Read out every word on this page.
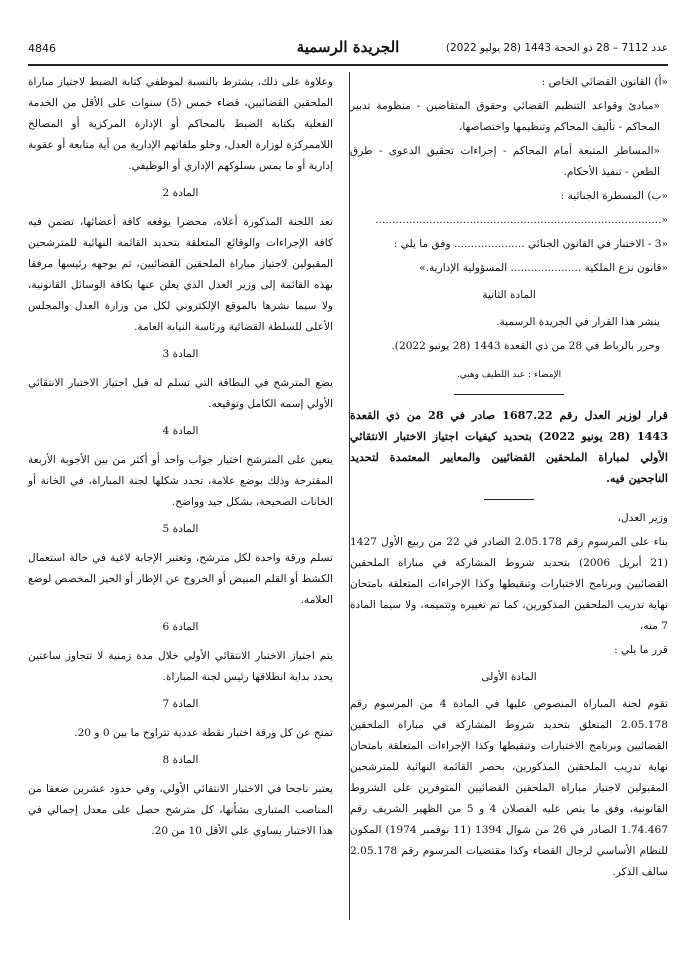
4846	الجريدة الرسمية	عدد 7112 – 28 ذو الحجة 1443 (28 يوليو 2022)

«أ) القانون القضائي الخاص :

«مبادئ وقواعد التنظيم القضائي وحقوق المتقاضين - منظومة تدبير المحاكم - تأليف المحاكم وتنظيمها واختصاصها،

«المساطر المتبعة أمام المحاكم - إجراءات تحقيق الدعوى - طرق الطعن - تنفيذ الأحكام.

«ب) المسطرة الجنائية :

«.....................................................................................

«3 - الاختبار في القانون الجنائي ..................... وفق ما يلي :

«قانون نزع الملكية ..................... المسؤولية الإدارية.»

المادة الثانية

ينشر هذا القرار في الجريدة الرسمية.

وحرر بالرباط في 28 من ذي القعدة 1443 (28 يونيو 2022).

الإمضاء : عبد اللطيف وهبي.

قرار لوزير العدل رقم 1687.22 صادر في 28 من ذي القعدة 1443 (28 يونيو 2022) بتحديد كيفيات اجتياز الاختبار الانتقائي الأولي لمباراة الملحقين القضائيين والمعايير المعتمدة لتحديد الناجحين فيه.

وزير العدل،

بناء على المرسوم رقم 2.05.178 الصادر في 22 من ربيع الأول 1427 (21 أبريل 2006) بتحديد شروط المشاركة في مباراة الملحقين القضائيين وبرنامج الاختبارات وتنقيطها وكذا الإجراءات المتعلقة بامتحان نهاية تدريب الملحقين المذكورين، كما تم تغييره وتتميمه، ولا سيما المادة 7 منه،

قرر ما يلي :

المادة الأولى

تقوم لجنة المباراة المنصوص عليها في المادة 4 من المرسوم رقم 2.05.178 المتعلق بتحديد شروط المشاركة في مباراة الملحقين القضائيين وبرنامج الاختبارات وتنقيطها وكذا الإجراءات المتعلقة بامتحان نهاية تدريب الملحقين المذكورين، بحصر القائمة النهائية للمترشحين المقبولين لاجتياز مباراة الملحقين القضائيين المتوفرين على الشروط القانونية، وفق ما ينص عليه الفصلان 4 و 5 من الظهير الشريف رقم 1.74.467 الصادر في 26 من شوال 1394 (11 نوفمبر 1974) المكون للنظام الأساسي لرجال القضاء وكذا مقتضيات المرسوم رقم 2.05.178 سالف الذكر.

وعلاوة على ذلك، يشترط بالنسبة لموظفي كتابة الضبط لاجتياز مباراة الملحقين القضائيين، قضاء خمس (5) سنوات على الأقل من الخدمة الفعلية بكتابة الضبط بالمحاكم أو الإدارة المركزية أو المصالح اللاممركزة لوزارة العدل، وخلو ملفاتهم الإدارية من أية متابعة أو عقوبة إدارية أو ما يمس بسلوكهم الإداري أو الوظيفي.

المادة 2

تعد اللجنة المذكورة أعلاه، محضرا يوقعه كافة أعضائها، تضمن فيه كافة الإجراءات والوقائع المتعلقة بتحديد القائمة النهائية للمترشحين المقبولين لاجتياز مباراة الملحقين القضائيين، ثم يوجهه رئيسها مرفقا بهذه القائمة إلى وزير العدل الذي يعلن عنها بكافة الوسائل القانونية، ولا سيما نشرها بالموقع الإلكتروني لكل من وزارة العدل والمجلس الأعلى للسلطة القضائية ورئاسة النيابة العامة.

المادة 3

يضع المترشح في البطاقة التي تسلم له قبل اجتياز الاختبار الانتقائي الأولي إسمه الكامل وتوقيعه.

المادة 4

يتعين على المترشح اختيار جواب واحد أو أكثر من بين الأجوبة الأربعة المقترحة وذلك بوضع علامة، تحدد شكلها لجنة المباراة، في الخانة أو الخانات الصحيحة، بشكل جيد وواضح.

المادة 5

تسلم ورقة واحدة لكل مترشح، وتعتبر الإجابة لاغية في حالة استعمال الكشط أو القلم المبيض أو الخروج عن الإطار أو الحيز المخصص لوضع العلامة.

المادة 6

يتم اجتياز الاختبار الانتقائي الأولي خلال مدة زمنية لا تتجاوز ساعتين يحدد بداية انطلاقها رئيس لجنة المباراة.

المادة 7

تمنح عن كل ورقة اختبار نقطة عددية تتراوح ما بين 0 و 20.

المادة 8

يعتبر ناجحا في الاختبار الانتقائي الأولي، وفي حدود عشرين ضعفا من المناصب المتبارى بشأنها، كل مترشح حصل على معدل إجمالي في هذا الاختبار يساوي على الأقل 10 من 20.
